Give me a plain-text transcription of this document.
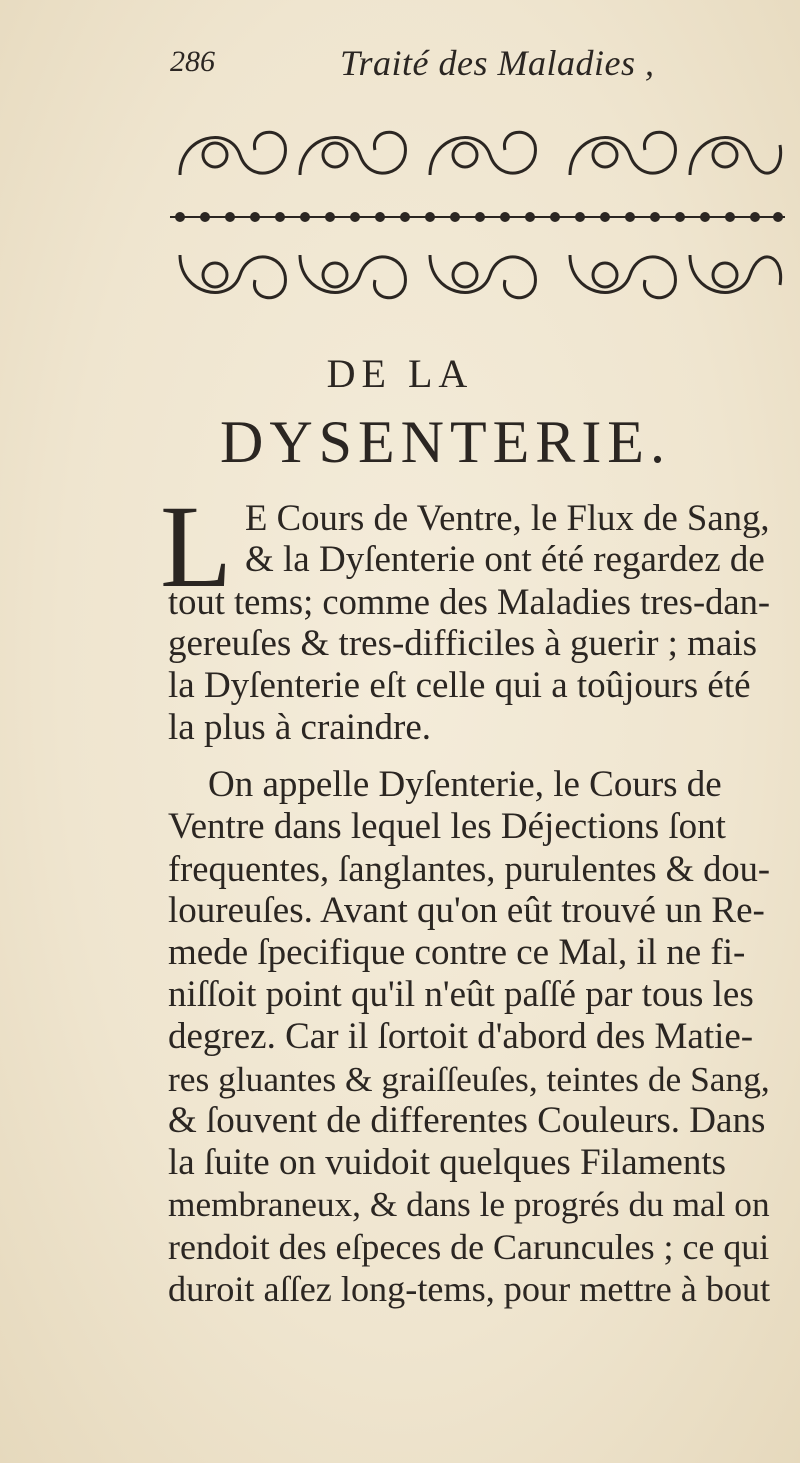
286	Traité des Maladies ,
DE LA
DYSENTERIE.
L E Cours de Ventre, le Flux de Sang,
& la Dyſenterie ont été regardez de
tout tems; comme des Maladies tres-dan-
gereuſes & tres-difficiles à guerir ; mais
la Dyſenterie eſt celle qui a toûjours été
la plus à craindre.
On appelle Dyſenterie, le Cours de
Ventre dans lequel les Déjections ſont
frequentes, ſanglantes, purulentes & dou-
loureuſes. Avant qu'on eût trouvé un Re-
mede ſpecifique contre ce Mal, il ne fi-
niſſoit point qu'il n'eût paſſé par tous les
degrez. Car il ſortoit d'abord des Matie-
res gluantes & graiſſeuſes, teintes de Sang,
& ſouvent de differentes Couleurs. Dans
la ſuite on vuidoit quelques Filaments
membraneux, & dans le progrés du mal on
rendoit des eſpeces de Caruncules ; ce qui
duroit aſſez long-tems, pour mettre à bout
